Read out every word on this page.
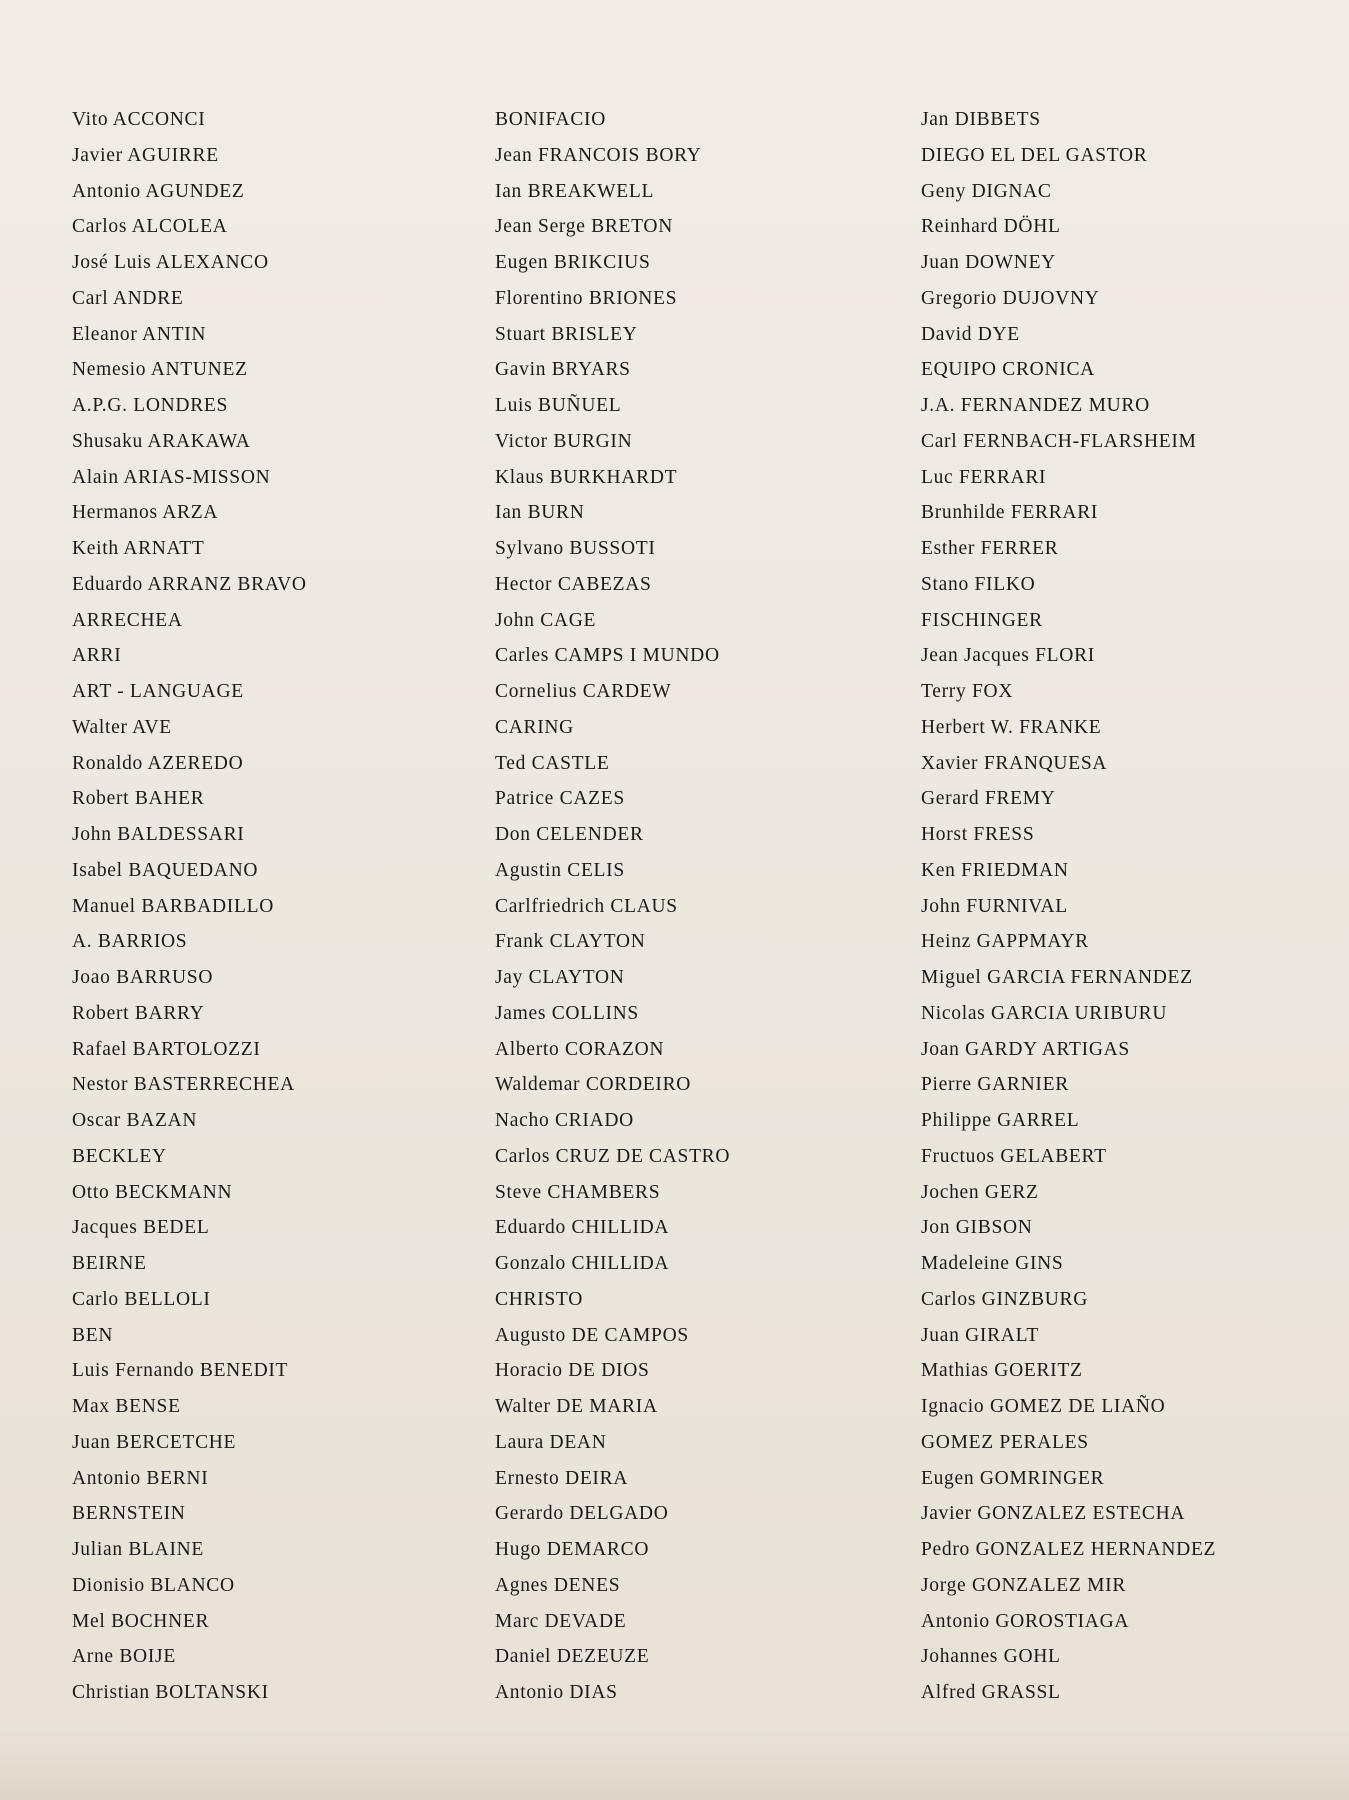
Vito ACCONCI
Javier AGUIRRE
Antonio AGUNDEZ
Carlos ALCOLEA
José Luis ALEXANCO
Carl ANDRE
Eleanor ANTIN
Nemesio ANTUNEZ
A.P.G. LONDRES
Shusaku ARAKAWA
Alain ARIAS-MISSON
Hermanos ARZA
Keith ARNATT
Eduardo ARRANZ BRAVO
ARRECHEA
ARRI
ART - LANGUAGE
Walter AVE
Ronaldo AZEREDO
Robert BAHER
John BALDESSARI
Isabel BAQUEDANO
Manuel BARBADILLO
A. BARRIOS
Joao BARRUSO
Robert BARRY
Rafael BARTOLOZZI
Nestor BASTERRECHEA
Oscar BAZAN
BECKLEY
Otto BECKMANN
Jacques BEDEL
BEIRNE
Carlo BELLOLI
BEN
Luis Fernando BENEDIT
Max BENSE
Juan BERCETCHE
Antonio BERNI
BERNSTEIN
Julian BLAINE
Dionisio BLANCO
Mel BOCHNER
Arne BOIJE
Christian BOLTANSKI
BONIFACIO
Jean FRANCOIS BORY
Ian BREAKWELL
Jean Serge BRETON
Eugen BRIKCIUS
Florentino BRIONES
Stuart BRISLEY
Gavin BRYARS
Luis BUÑUEL
Victor BURGIN
Klaus BURKHARDT
Ian BURN
Sylvano BUSSOTI
Hector CABEZAS
John CAGE
Carles CAMPS I MUNDO
Cornelius CARDEW
CARING
Ted CASTLE
Patrice CAZES
Don CELENDER
Agustin CELIS
Carlfriedrich CLAUS
Frank CLAYTON
Jay CLAYTON
James COLLINS
Alberto CORAZON
Waldemar CORDEIRO
Nacho CRIADO
Carlos CRUZ DE CASTRO
Steve CHAMBERS
Eduardo CHILLIDA
Gonzalo CHILLIDA
CHRISTO
Augusto DE CAMPOS
Horacio DE DIOS
Walter DE MARIA
Laura DEAN
Ernesto DEIRA
Gerardo DELGADO
Hugo DEMARCO
Agnes DENES
Marc DEVADE
Daniel DEZEUZE
Antonio DIAS
Jan DIBBETS
DIEGO EL DEL GASTOR
Geny DIGNAC
Reinhard DÖHL
Juan DOWNEY
Gregorio DUJOVNY
David DYE
EQUIPO CRONICA
J.A. FERNANDEZ MURO
Carl FERNBACH-FLARSHEIM
Luc FERRARI
Brunhilde FERRARI
Esther FERRER
Stano FILKO
FISCHINGER
Jean Jacques FLORI
Terry FOX
Herbert W. FRANKE
Xavier FRANQUESA
Gerard FREMY
Horst FRESS
Ken FRIEDMAN
John FURNIVAL
Heinz GAPPMAYR
Miguel GARCIA FERNANDEZ
Nicolas GARCIA URIBURU
Joan GARDY ARTIGAS
Pierre GARNIER
Philippe GARREL
Fructuos GELABERT
Jochen GERZ
Jon GIBSON
Madeleine GINS
Carlos GINZBURG
Juan GIRALT
Mathias GOERITZ
Ignacio GOMEZ DE LIAÑO
GOMEZ PERALES
Eugen GOMRINGER
Javier GONZALEZ ESTECHA
Pedro GONZALEZ HERNANDEZ
Jorge GONZALEZ MIR
Antonio GOROSTIAGA
Johannes GOHL
Alfred GRASSL
